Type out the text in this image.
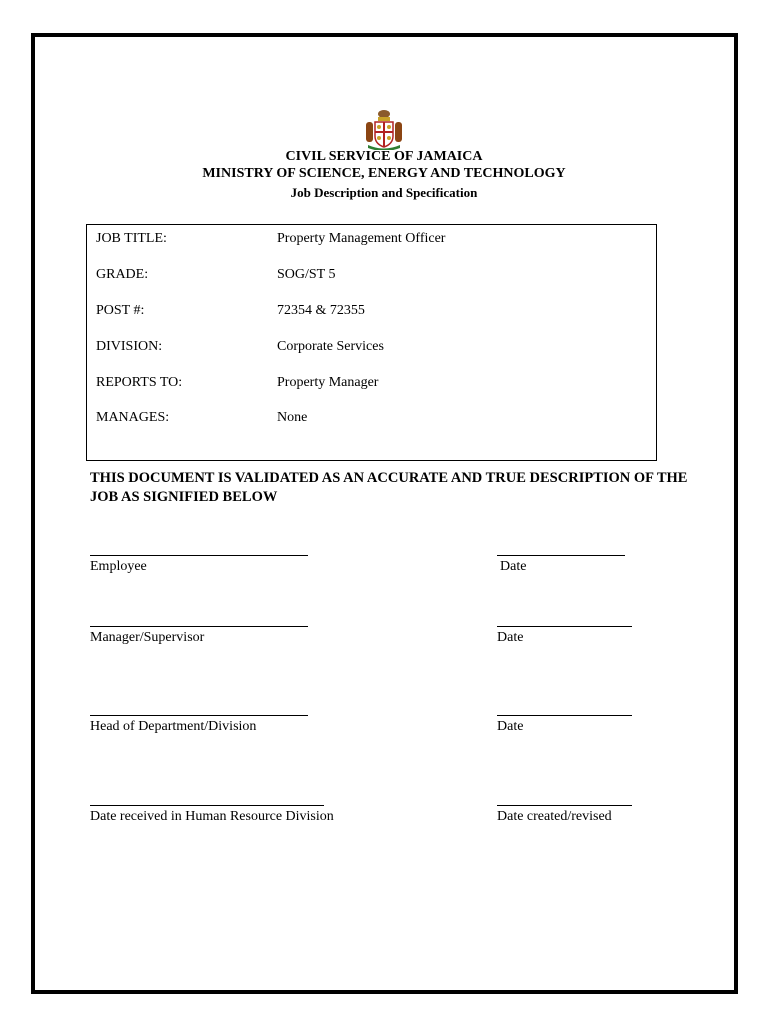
CIVIL SERVICE OF JAMAICA
MINISTRY OF SCIENCE, ENERGY AND TECHNOLOGY
Job Description and Specification
JOB TITLE:	Property Management Officer
GRADE:	SOG/ST 5
POST #:	72354 & 72355
DIVISION:	Corporate Services
REPORTS TO:	Property Manager
MANAGES:	None
THIS DOCUMENT IS VALIDATED AS AN ACCURATE AND TRUE DESCRIPTION OF THE JOB AS SIGNIFIED BELOW
Employee	Date
Manager/Supervisor	Date
Head of Department/Division	Date
Date received in Human Resource Division	Date created/revised
